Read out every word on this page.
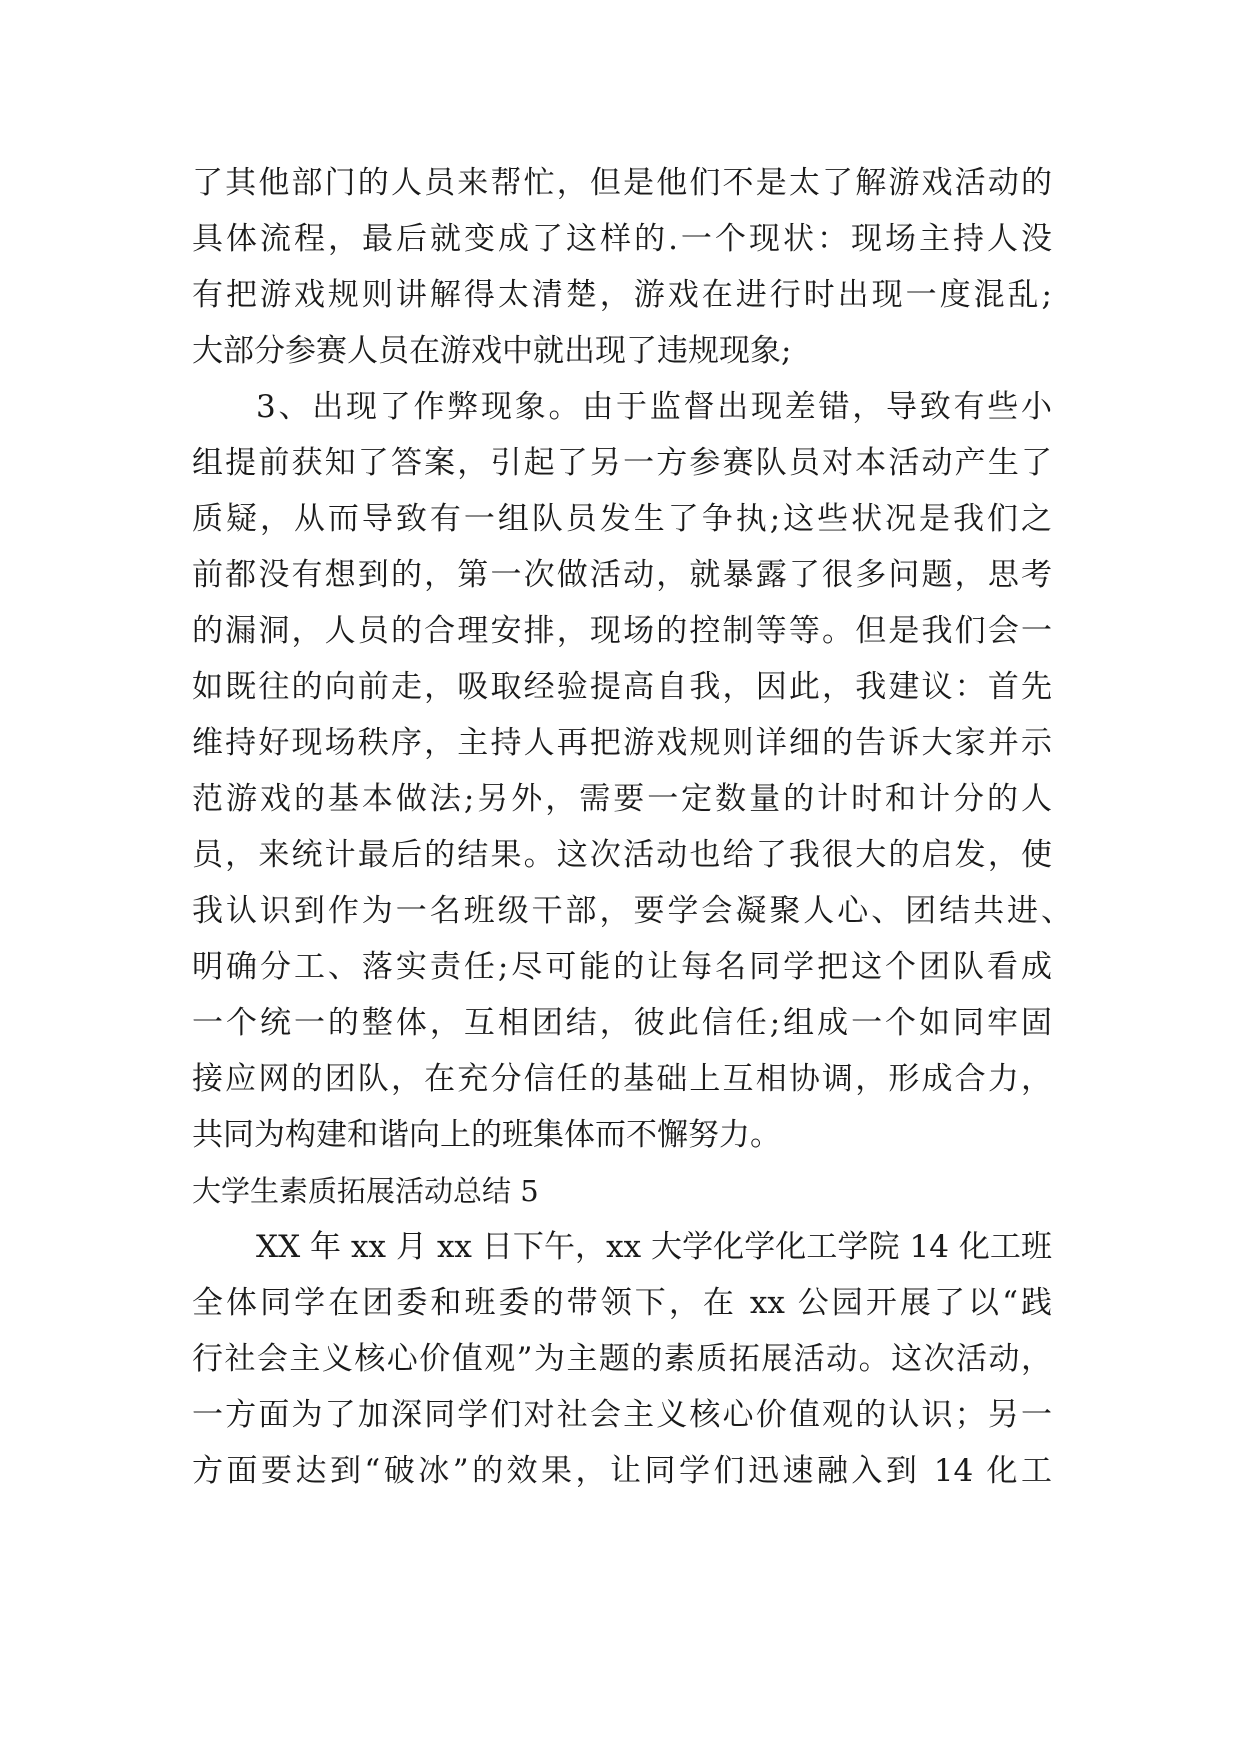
了其他部门的人员来帮忙，但是他们不是太了解游戏活动的
具体流程，最后就变成了这样的.一个现状：现场主持人没
有把游戏规则讲解得太清楚，游戏在进行时出现一度混乱;
大部分参赛人员在游戏中就出现了违规现象;
3、出现了作弊现象。由于监督出现差错，导致有些小
组提前获知了答案，引起了另一方参赛队员对本活动产生了
质疑，从而导致有一组队员发生了争执;这些状况是我们之
前都没有想到的，第一次做活动，就暴露了很多问题，思考
的漏洞，人员的合理安排，现场的控制等等。但是我们会一
如既往的向前走，吸取经验提高自我，因此，我建议：首先
维持好现场秩序，主持人再把游戏规则详细的告诉大家并示
范游戏的基本做法;另外，需要一定数量的计时和计分的人
员，来统计最后的结果。这次活动也给了我很大的启发，使
我认识到作为一名班级干部，要学会凝聚人心、团结共进、
明确分工、落实责任;尽可能的让每名同学把这个团队看成
一个统一的整体，互相团结，彼此信任;组成一个如同牢固
接应网的团队，在充分信任的基础上互相协调，形成合力，
共同为构建和谐向上的班集体而不懈努力。
大学生素质拓展活动总结 5
XX 年 xx 月 xx 日下午，xx 大学化学化工学院 14 化工班
全体同学在团委和班委的带领下，在 xx 公园开展了以“践
行社会主义核心价值观”为主题的素质拓展活动。这次活动，
一方面为了加深同学们对社会主义核心价值观的认识；另一
方面要达到“破冰”的效果，让同学们迅速融入到 14 化工
